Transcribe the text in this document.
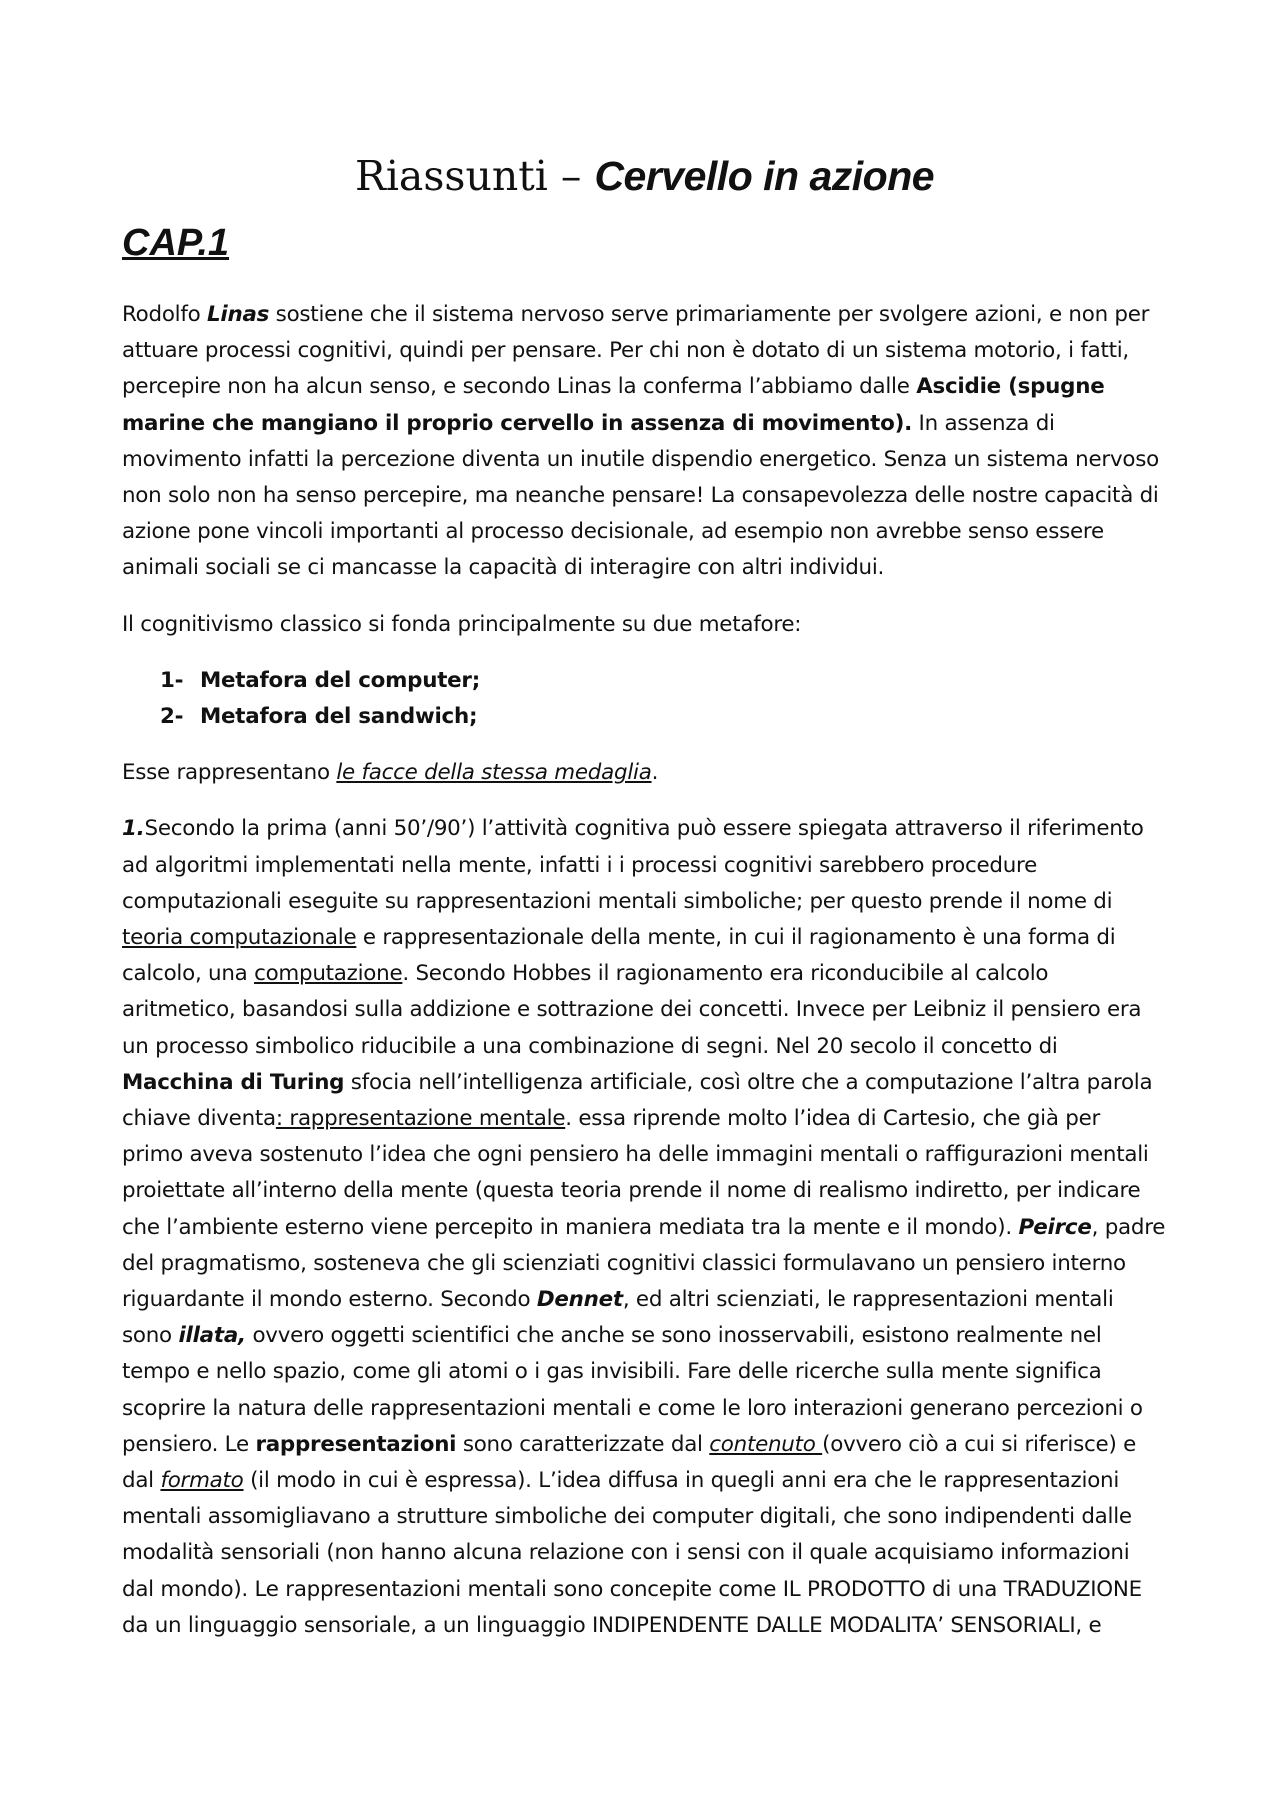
Riassunti – Cervello in azione
CAP.1

Rodolfo Linas sostiene che il sistema nervoso serve primariamente per svolgere azioni, e non per attuare processi cognitivi, quindi per pensare. Per chi non è dotato di un sistema motorio, i fatti, percepire non ha alcun senso, e secondo Linas la conferma l’abbiamo dalle Ascidie (spugne marine che mangiano il proprio cervello in assenza di movimento). In assenza di movimento infatti la percezione diventa un inutile dispendio energetico. Senza un sistema nervoso non solo non ha senso percepire, ma neanche pensare! La consapevolezza delle nostre capacità di azione pone vincoli importanti al processo decisionale, ad esempio non avrebbe senso essere animali sociali se ci mancasse la capacità di interagire con altri individui.

Il cognitivismo classico si fonda principalmente su due metafore:

1- Metafora del computer;
2- Metafora del sandwich;

Esse rappresentano le facce della stessa medaglia.

1.Secondo la prima (anni 50’/90’) l’attività cognitiva può essere spiegata attraverso il riferimento ad algoritmi implementati nella mente, infatti i i processi cognitivi sarebbero procedure computazionali eseguite su rappresentazioni mentali simboliche; per questo prende il nome di teoria computazionale e rappresentazionale della mente, in cui il ragionamento è una forma di calcolo, una computazione. Secondo Hobbes il ragionamento era riconducibile al calcolo aritmetico, basandosi sulla addizione e sottrazione dei concetti. Invece per Leibniz il pensiero era un processo simbolico riducibile a una combinazione di segni. Nel 20 secolo il concetto di Macchina di Turing sfocia nell’intelligenza artificiale, così oltre che a computazione l’altra parola chiave diventa: rappresentazione mentale. essa riprende molto l’idea di Cartesio, che già per primo aveva sostenuto l’idea che ogni pensiero ha delle immagini mentali o raffigurazioni mentali proiettate all’interno della mente (questa teoria prende il nome di realismo indiretto, per indicare che l’ambiente esterno viene percepito in maniera mediata tra la mente e il mondo). Peirce, padre del pragmatismo, sosteneva che gli scienziati cognitivi classici formulavano un pensiero interno riguardante il mondo esterno. Secondo Dennet, ed altri scienziati, le rappresentazioni mentali sono illata, ovvero oggetti scientifici che anche se sono inosservabili, esistono realmente nel tempo e nello spazio, come gli atomi o i gas invisibili. Fare delle ricerche sulla mente significa scoprire la natura delle rappresentazioni mentali e come le loro interazioni generano percezioni o pensiero. Le rappresentazioni sono caratterizzate dal contenuto (ovvero ciò a cui si riferisce) e dal formato (il modo in cui è espressa). L’idea diffusa in quegli anni era che le rappresentazioni mentali assomigliavano a strutture simboliche dei computer digitali, che sono indipendenti dalle modalità sensoriali (non hanno alcuna relazione con i sensi con il quale acquisiamo informazioni dal mondo). Le rappresentazioni mentali sono concepite come IL PRODOTTO di una TRADUZIONE da un linguaggio sensoriale, a un linguaggio INDIPENDENTE DALLE MODALITA’ SENSORIALI, e
